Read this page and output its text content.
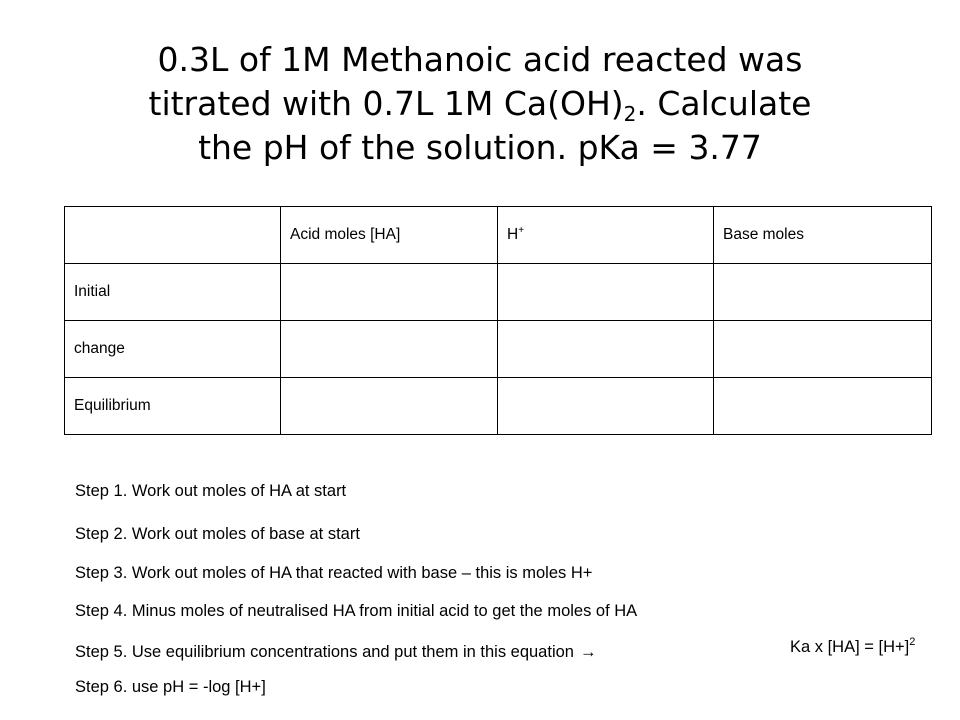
0.3L of 1M Methanoic acid reacted was
titrated with 0.7L 1M $Ca(OH)_2$. Calculate
the pH of the solution. pKa = 3.77
	Acid moles [HA]	H+	Base moles
Initial			
change			
Equilibrium			
Step 1. Work out moles of HA at start
Step 2. Work out moles of base at start
Step 3. Work out moles of HA that reacted with base – this is moles H+
Step 4. Minus moles of neutralised HA from initial acid to get the moles of HA
Step 5. Use equilibrium concentrations and put them in this equation →
Step 6. use pH = -log [H+]
Ka x $[HA] = [H+]^2$
